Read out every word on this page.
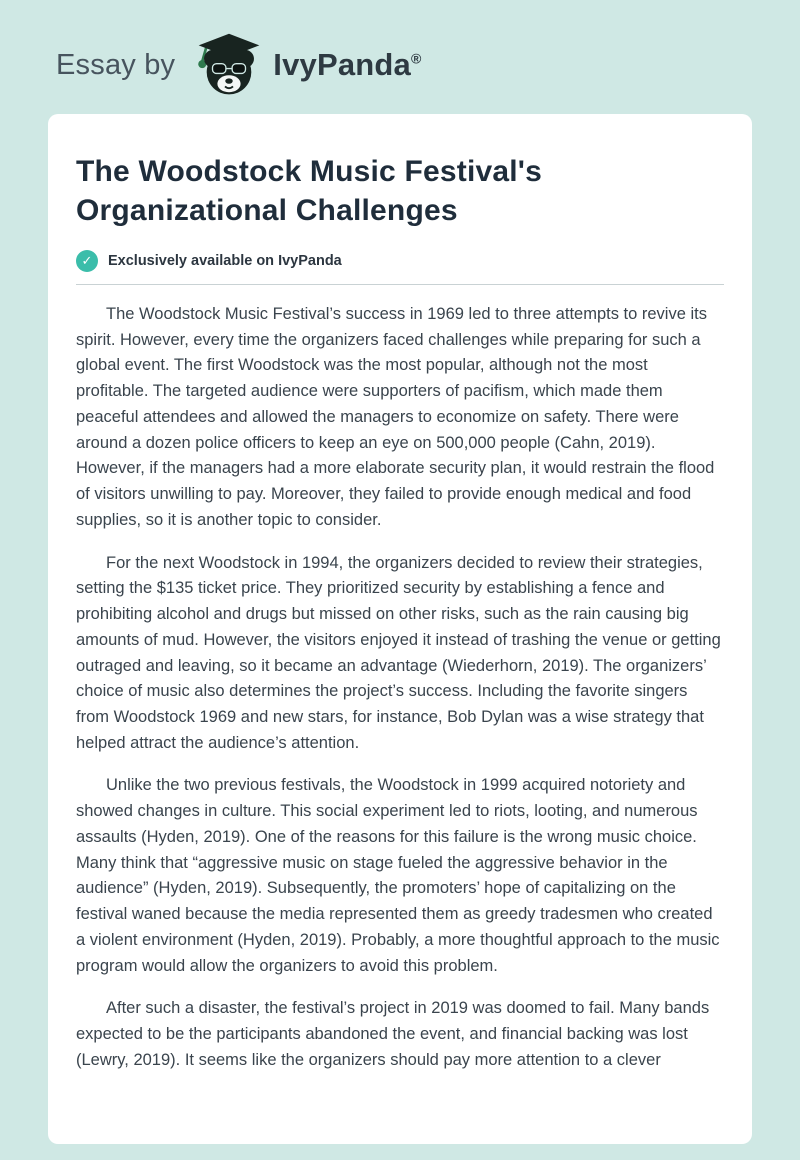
Essay by	IvyPanda®
The Woodstock Music Festival's Organizational Challenges
✓	Exclusively available on IvyPanda

The Woodstock Music Festival’s success in 1969 led to three attempts to revive its spirit. However, every time the organizers faced challenges while preparing for such a global event. The first Woodstock was the most popular, although not the most profitable. The targeted audience were supporters of pacifism, which made them peaceful attendees and allowed the managers to economize on safety. There were around a dozen police officers to keep an eye on 500,000 people (Cahn, 2019). However, if the managers had a more elaborate security plan, it would restrain the flood of visitors unwilling to pay. Moreover, they failed to provide enough medical and food supplies, so it is another topic to consider.

For the next Woodstock in 1994, the organizers decided to review their strategies, setting the $135 ticket price. They prioritized security by establishing a fence and prohibiting alcohol and drugs but missed on other risks, such as the rain causing big amounts of mud. However, the visitors enjoyed it instead of trashing the venue or getting outraged and leaving, so it became an advantage (Wiederhorn, 2019). The organizers’ choice of music also determines the project’s success. Including the favorite singers from Woodstock 1969 and new stars, for instance, Bob Dylan was a wise strategy that helped attract the audience’s attention.

Unlike the two previous festivals, the Woodstock in 1999 acquired notoriety and showed changes in culture. This social experiment led to riots, looting, and numerous assaults (Hyden, 2019). One of the reasons for this failure is the wrong music choice. Many think that “aggressive music on stage fueled the aggressive behavior in the audience” (Hyden, 2019). Subsequently, the promoters’ hope of capitalizing on the festival waned because the media represented them as greedy tradesmen who created a violent environment (Hyden, 2019). Probably, a more thoughtful approach to the music program would allow the organizers to avoid this problem.

After such a disaster, the festival’s project in 2019 was doomed to fail. Many bands expected to be the participants abandoned the event, and financial backing was lost (Lewry, 2019). It seems like the organizers should pay more attention to a clever
